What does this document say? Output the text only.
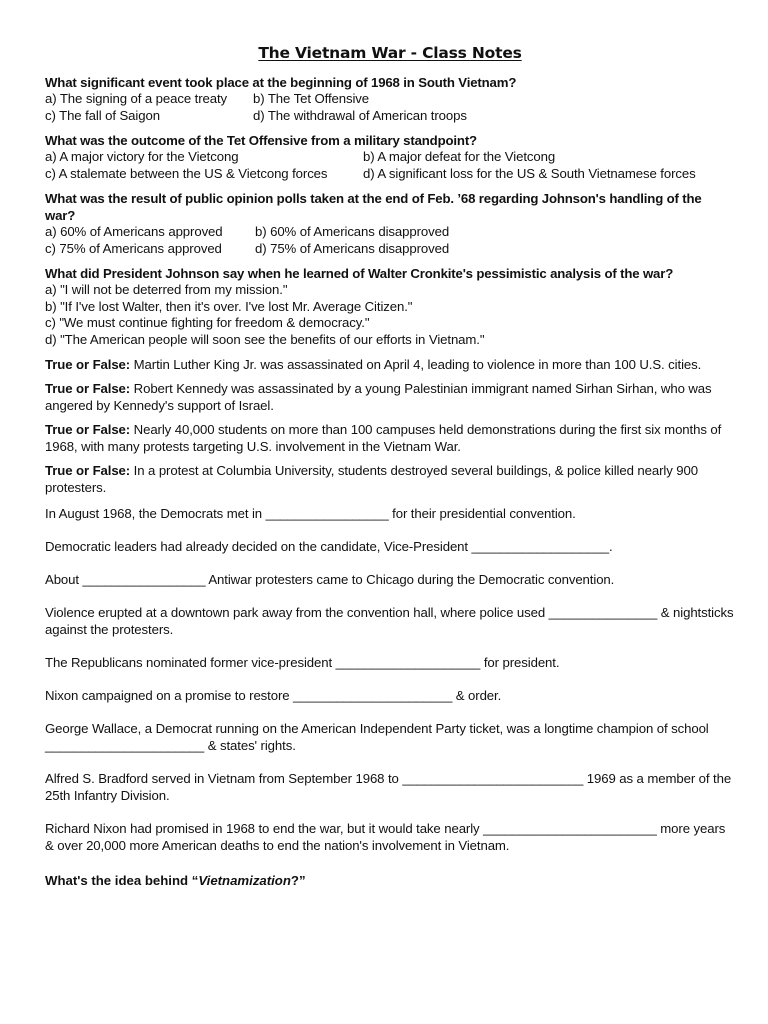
The Vietnam War - Class Notes
What significant event took place at the beginning of 1968 in South Vietnam?
a) The signing of a peace treaty	b) The Tet Offensive
c) The fall of Saigon	d) The withdrawal of American troops
What was the outcome of the Tet Offensive from a military standpoint?
a) A major victory for the Vietcong	b) A major defeat for the Vietcong
c) A stalemate between the US & Vietcong forces	d) A significant loss for the US & South Vietnamese forces
What was the result of public opinion polls taken at the end of Feb. ’68 regarding Johnson's handling of the war?
a) 60% of Americans approved	b) 60% of Americans disapproved
c) 75% of Americans approved	d) 75% of Americans disapproved
What did President Johnson say when he learned of Walter Cronkite's pessimistic analysis of the war?
a) "I will not be deterred from my mission."
b) "If I've lost Walter, then it's over. I've lost Mr. Average Citizen."
c) "We must continue fighting for freedom & democracy."
d) "The American people will soon see the benefits of our efforts in Vietnam."
True or False: Martin Luther King Jr. was assassinated on April 4, leading to violence in more than 100 U.S. cities.
True or False: Robert Kennedy was assassinated by a young Palestinian immigrant named Sirhan Sirhan, who was angered by Kennedy's support of Israel.
True or False: Nearly 40,000 students on more than 100 campuses held demonstrations during the first six months of 1968, with many protests targeting U.S. involvement in the Vietnam War.
True or False: In a protest at Columbia University, students destroyed several buildings, & police killed nearly 900 protesters.
In August 1968, the Democrats met in _________________ for their presidential convention.
Democratic leaders had already decided on the candidate, Vice-President ___________________.
About _________________ Antiwar protesters came to Chicago during the Democratic convention.
Violence erupted at a downtown park away from the convention hall, where police used _______________ & nightsticks against the protesters.
The Republicans nominated former vice-president ____________________ for president.
Nixon campaigned on a promise to restore ______________________ & order.
George Wallace, a Democrat running on the American Independent Party ticket, was a longtime champion of school ______________________ & states' rights.
Alfred S. Bradford served in Vietnam from September 1968 to _________________________ 1969 as a member of the 25th Infantry Division.
Richard Nixon had promised in 1968 to end the war, but it would take nearly ________________________ more years & over 20,000 more American deaths to end the nation's involvement in Vietnam.
What's the idea behind “Vietnamization?”
